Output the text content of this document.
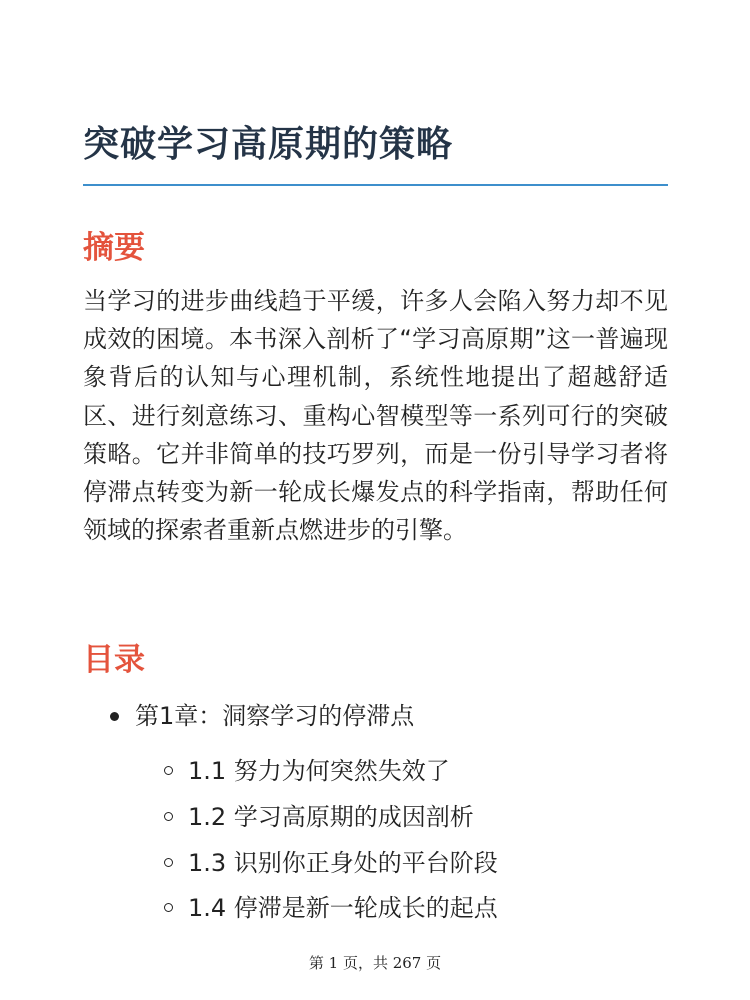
突破学习高原期的策略
摘要

当学习的进步曲线趋于平缓，许多人会陷入努力却不见成效的困境。本书深入剖析了“学习高原期”这一普遍现象背后的认知与心理机制，系统性地提出了超越舒适区、进行刻意练习、重构心智模型等一系列可行的突破策略。它并非简单的技巧罗列，而是一份引导学习者将停滞点转变为新一轮成长爆发点的科学指南，帮助任何领域的探索者重新点燃进步的引擎。

目录
第1章：洞察学习的停滞点
1.1 努力为何突然失效了
1.2 学习高原期的成因剖析
1.3 识别你正身处的平台阶段
1.4 停滞是新一轮成长的起点
第 1 页，共 267 页
